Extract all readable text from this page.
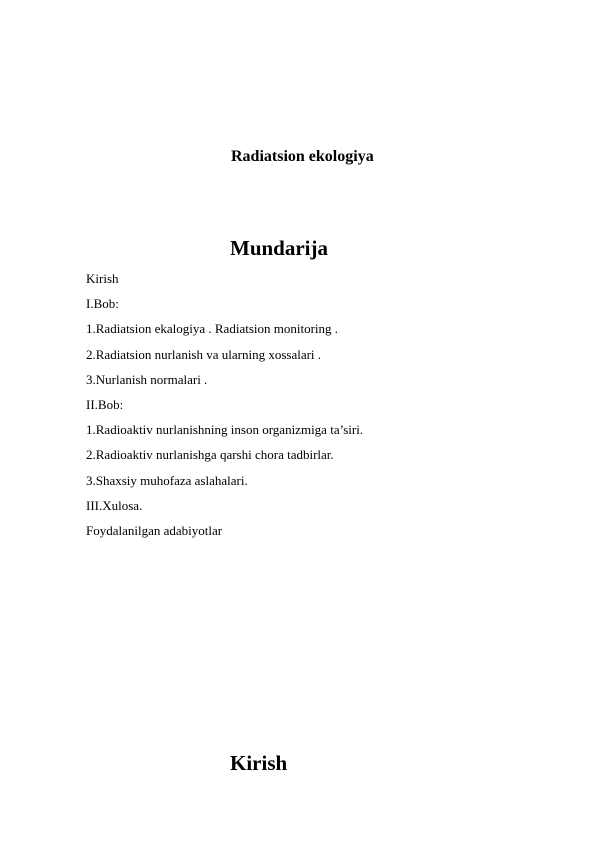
Radiatsion ekologiya
Mundarija
Kirish
I.Bob:
1.Radiatsion ekalogiya . Radiatsion monitoring .
2.Radiatsion nurlanish va ularning xossalari .
3.Nurlanish normalari .
II.Bob:
1.Radioaktiv nurlanishning inson organizmiga ta’siri.
2.Radioaktiv nurlanishga qarshi chora tadbirlar.
3.Shaxsiy muhofaza aslahalari.
III.Xulosa.
Foydalanilgan adabiyotlar
Kirish
